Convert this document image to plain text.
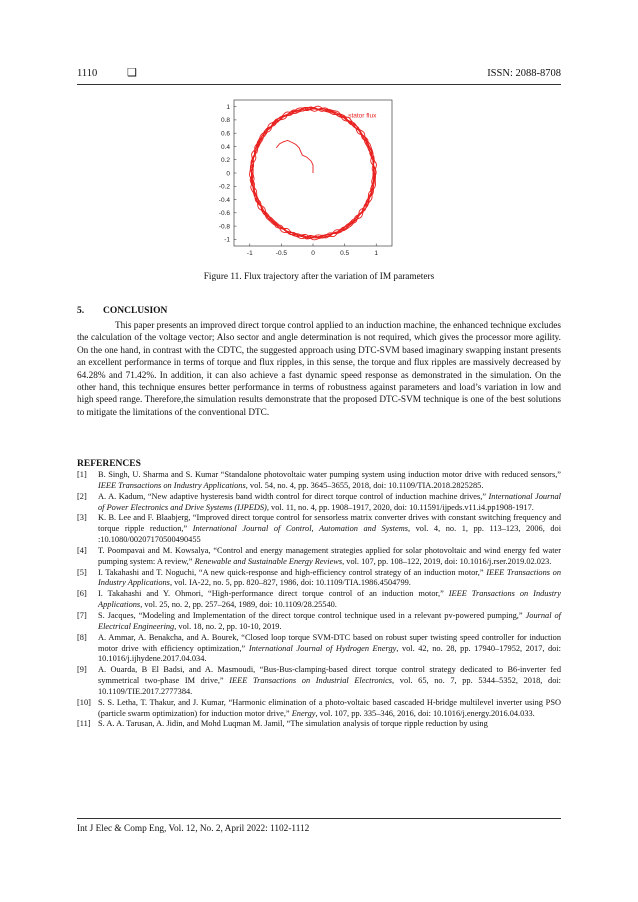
1110	❑	ISSN: 2088-8708
-1	-0.5	0	0.5	1
1
0.8
0.6
0.4
0.2
0
-0.2
-0.4
-0.6
-0.8
-1
stator flux
Figure 11. Flux trajectory after the variation of IM parameters
5. CONCLUSION
This paper presents an improved direct torque control applied to an induction machine, the enhanced technique excludes the calculation of the voltage vector; Also sector and angle determination is not required, which gives the processor more agility. On the one hand, in contrast with the CDTC, the suggested approach using DTC-SVM based imaginary swapping instant presents an excellent performance in terms of torque and flux ripples, in this sense, the torque and flux ripples are massively decreased by 64.28% and 71.42%. In addition, it can also achieve a fast dynamic speed response as demonstrated in the simulation. On the other hand, this technique ensures better performance in terms of robustness against parameters and load’s variation in low and high speed range. Therefore,the simulation results demonstrate that the proposed DTC-SVM technique is one of the best solutions to mitigate the limitations of the conventional DTC.
REFERENCES
[1] B. Singh, U. Sharma and S. Kumar “Standalone photovoltaic water pumping system using induction motor drive with reduced sensors,” IEEE Transactions on Industry Applications, vol. 54, no. 4, pp. 3645–3655, 2018, doi: 10.1109/TIA.2018.2825285.
[2] A. A. Kadum, “New adaptive hysteresis band width control for direct torque control of induction machine drives,” International Journal of Power Electronics and Drive Systems (IJPEDS), vol. 11, no. 4, pp. 1908–1917, 2020, doi: 10.11591/ijpeds.v11.i4.pp1908-1917.
[3] K. B. Lee and F. Blaabjerg, “Improved direct torque control for sensorless matrix converter drives with constant switching frequency and torque ripple reduction,” International Journal of Control, Automation and Systems, vol. 4, no. 1, pp. 113–123, 2006, doi :10.1080/00207170500490455
[4] T. Poompavai and M. Kowsalya, “Control and energy management strategies applied for solar photovoltaic and wind energy fed water pumping system: A review,” Renewable and Sustainable Energy Reviews, vol. 107, pp. 108–122, 2019, doi: 10.1016/j.rser.2019.02.023.
[5] I. Takahashi and T. Noguchi, “A new quick-response and high-efficiency control strategy of an induction motor,” IEEE Transactions on Industry Applications, vol. IA-22, no. 5, pp. 820–827, 1986, doi: 10.1109/TIA.1986.4504799.
[6] I. Takahashi and Y. Ohmori, “High-performance direct torque control of an induction motor,” IEEE Transactions on Industry Applications, vol. 25, no. 2, pp. 257–264, 1989, doi: 10.1109/28.25540.
[7] S. Jacques, “Modeling and Implementation of the direct torque control technique used in a relevant pv-powered pumping,” Journal of Electrical Engineering, vol. 18, no. 2, pp. 10-10, 2019.
[8] A. Ammar, A. Benakcha, and A. Bourek, “Closed loop torque SVM-DTC based on robust super twisting speed controller for induction motor drive with efficiency optimization,” International Journal of Hydrogen Energy, vol. 42, no. 28, pp. 17940–17952, 2017, doi: 10.1016/j.ijhydene.2017.04.034.
[9] A. Ouarda, B El Badsi, and A. Masmoudi, “Bus-Bus-clamping-based direct torque control strategy dedicated to B6-inverter fed symmetrical two-phase IM drive,” IEEE Transactions on Industrial Electronics, vol. 65, no. 7, pp. 5344–5352, 2018, doi: 10.1109/TIE.2017.2777384.
[10] S. S. Letha, T. Thakur, and J. Kumar, “Harmonic elimination of a photo-voltaic based cascaded H-bridge multilevel inverter using PSO (particle swarm optimization) for induction motor drive,” Energy, vol. 107, pp. 335–346, 2016, doi: 10.1016/j.energy.2016.04.033.
[11] S. A. A. Tarusan, A. Jidin, and Mohd Luqman M. Jamil, “The simulation analysis of torque ripple reduction by using
Int J Elec & Comp Eng, Vol. 12, No. 2, April 2022: 1102-1112
